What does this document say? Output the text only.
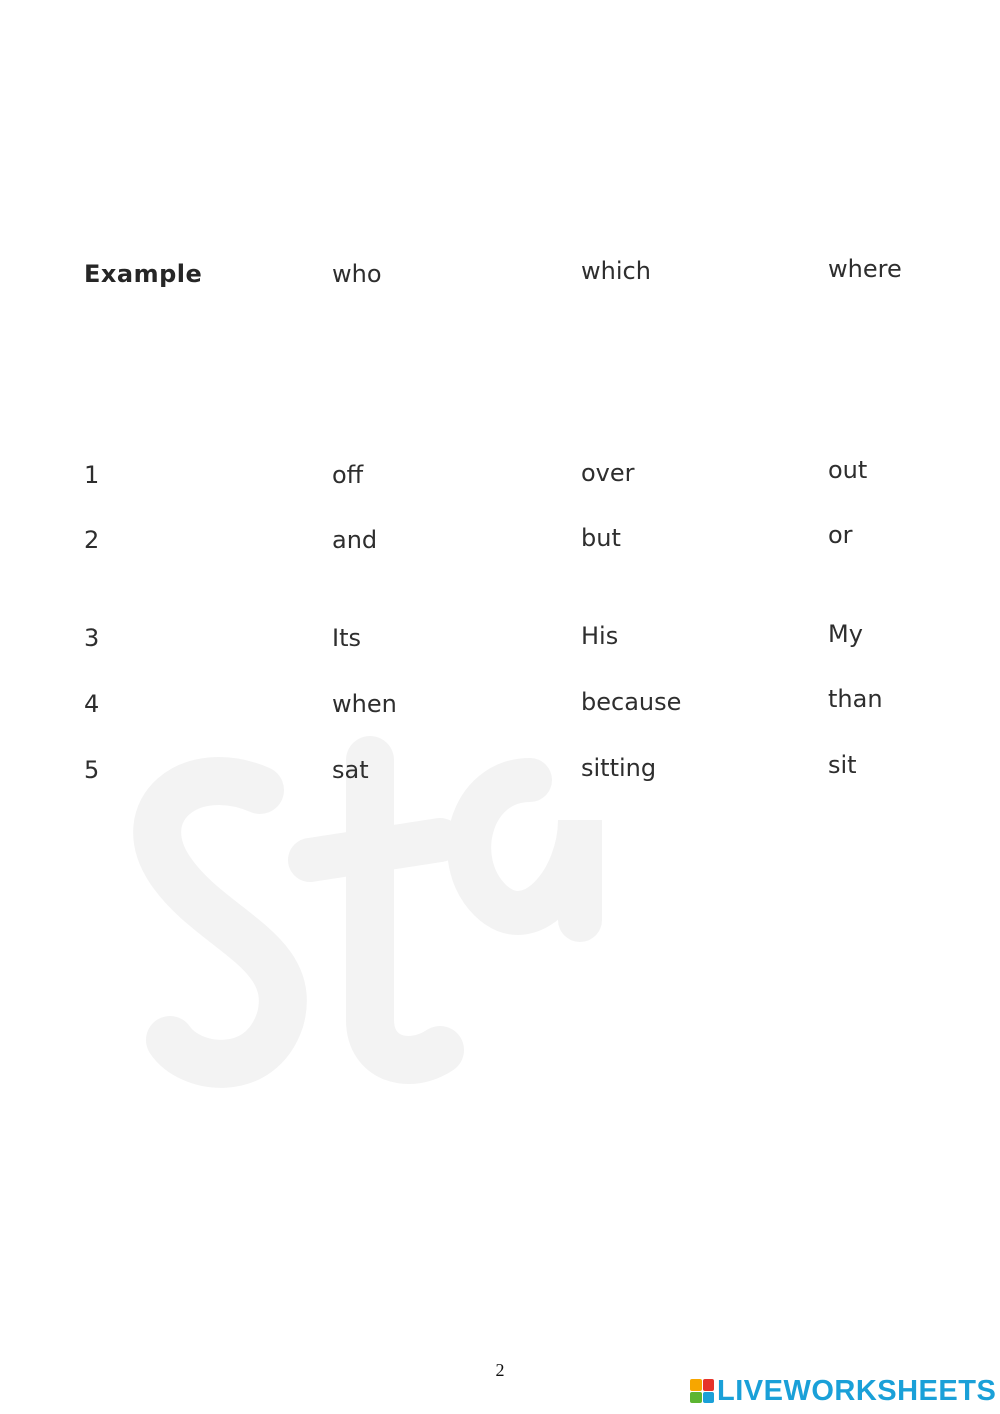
Example	who	which	where
1	off	over	out
2	and	but	or
3	Its	His	My
4	when	because	than
5	sat	sitting	sit
2
LIVEWORKSHEETS
